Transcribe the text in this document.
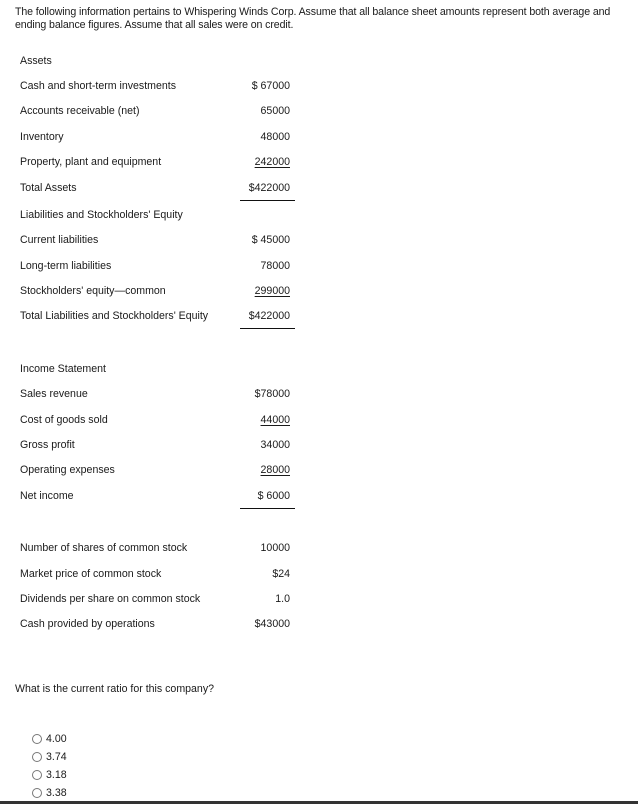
The following information pertains to Whispering Winds Corp. Assume that all balance sheet amounts represent both average and ending balance figures. Assume that all sales were on credit.
Assets
Cash and short-term investments	$ 67000
Accounts receivable (net)	65000
Inventory	48000
Property, plant and equipment	242000
Total Assets	$422000
Liabilities and Stockholders' Equity
Current liabilities	$ 45000
Long-term liabilities	78000
Stockholders' equity—common	299000
Total Liabilities and Stockholders' Equity	$422000
Income Statement
Sales revenue	$78000
Cost of goods sold	44000
Gross profit	34000
Operating expenses	28000
Net income	$ 6000
Number of shares of common stock	10000
Market price of common stock	$24
Dividends per share on common stock	1.0
Cash provided by operations	$43000
What is the current ratio for this company?
4.00
3.74
3.18
3.38
